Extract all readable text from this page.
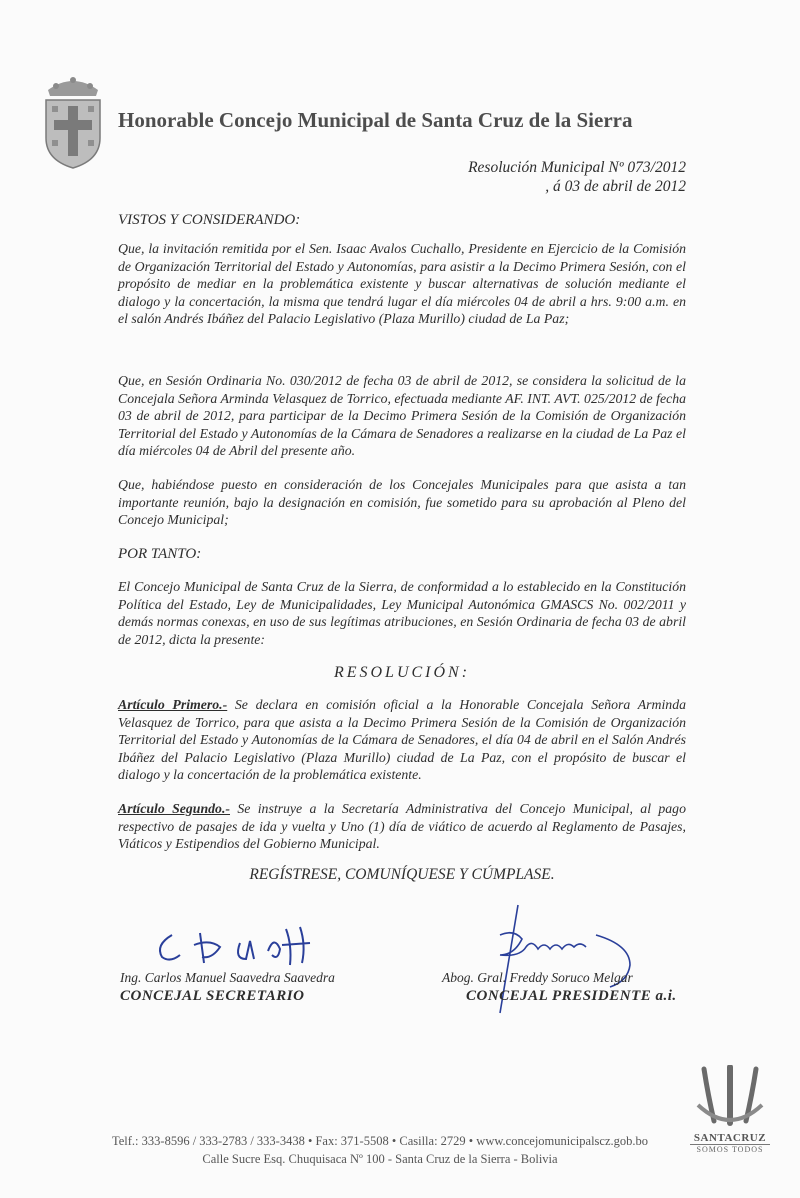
Honorable Concejo Municipal de Santa Cruz de la Sierra
Resolución Municipal Nº 073/2012
, á 03 de abril de 2012
VISTOS Y CONSIDERANDO:
Que, la invitación remitida por el Sen. Isaac Avalos Cuchallo, Presidente en Ejercicio de la Comisión de Organización Territorial del Estado y Autonomías, para asistir a la Decimo Primera Sesión, con el propósito de mediar en la problemática existente y buscar alternativas de solución mediante el dialogo y la concertación, la misma que tendrá lugar el día miércoles 04 de abril a hrs. 9:00 a.m. en el salón Andrés Ibáñez del Palacio Legislativo (Plaza Murillo) ciudad de La Paz;
Que, en Sesión Ordinaria No. 030/2012 de fecha 03 de abril de 2012, se considera la solicitud de la Concejala Señora Arminda Velasquez de Torrico, efectuada mediante AF. INT. AVT. 025/2012 de fecha 03 de abril de 2012, para participar de la Decimo Primera Sesión de la Comisión de Organización Territorial del Estado y Autonomías de la Cámara de Senadores a realizarse en la ciudad de La Paz el día miércoles 04 de Abril del presente año.
Que, habiéndose puesto en consideración de los Concejales Municipales para que asista a tan importante reunión, bajo la designación en comisión, fue sometido para su aprobación al Pleno del Concejo Municipal;
POR TANTO:
El Concejo Municipal de Santa Cruz de la Sierra, de conformidad a lo establecido en la Constitución Política del Estado, Ley de Municipalidades, Ley Municipal Autonómica GMASCS No. 002/2011 y demás normas conexas, en uso de sus legítimas atribuciones, en Sesión Ordinaria de fecha 03 de abril de 2012, dicta la presente:
RESOLUCIÓN:
Artículo Primero.- Se declara en comisión oficial a la Honorable Concejala Señora Arminda Velasquez de Torrico, para que asista a la Decimo Primera Sesión de la Comisión de Organización Territorial del Estado y Autonomías de la Cámara de Senadores, el día 04 de abril en el Salón Andrés Ibáñez del Palacio Legislativo (Plaza Murillo) ciudad de La Paz, con el propósito de buscar el dialogo y la concertación de la problemática existente.
Artículo Segundo.- Se instruye a la Secretaría Administrativa del Concejo Municipal, al pago respectivo de pasajes de ida y vuelta y Uno (1) día de viático de acuerdo al Reglamento de Pasajes, Viáticos y Estipendios del Gobierno Municipal.
REGÍSTRESE, COMUNÍQUESE Y CÚMPLASE.
Ing. Carlos Manuel Saavedra Saavedra
CONCEJAL SECRETARIO
Abog. Gral. Freddy Soruco Melgar
CONCEJAL PRESIDENTE a.i.
Telf.: 333-8596 / 333-2783 / 333-3438 • Fax: 371-5508 • Casilla: 2729 • www.concejomunicipalscz.gob.bo
Calle Sucre Esq. Chuquisaca Nº 100 - Santa Cruz de la Sierra - Bolivia
SANTACRUZ
SOMOS TODOS
